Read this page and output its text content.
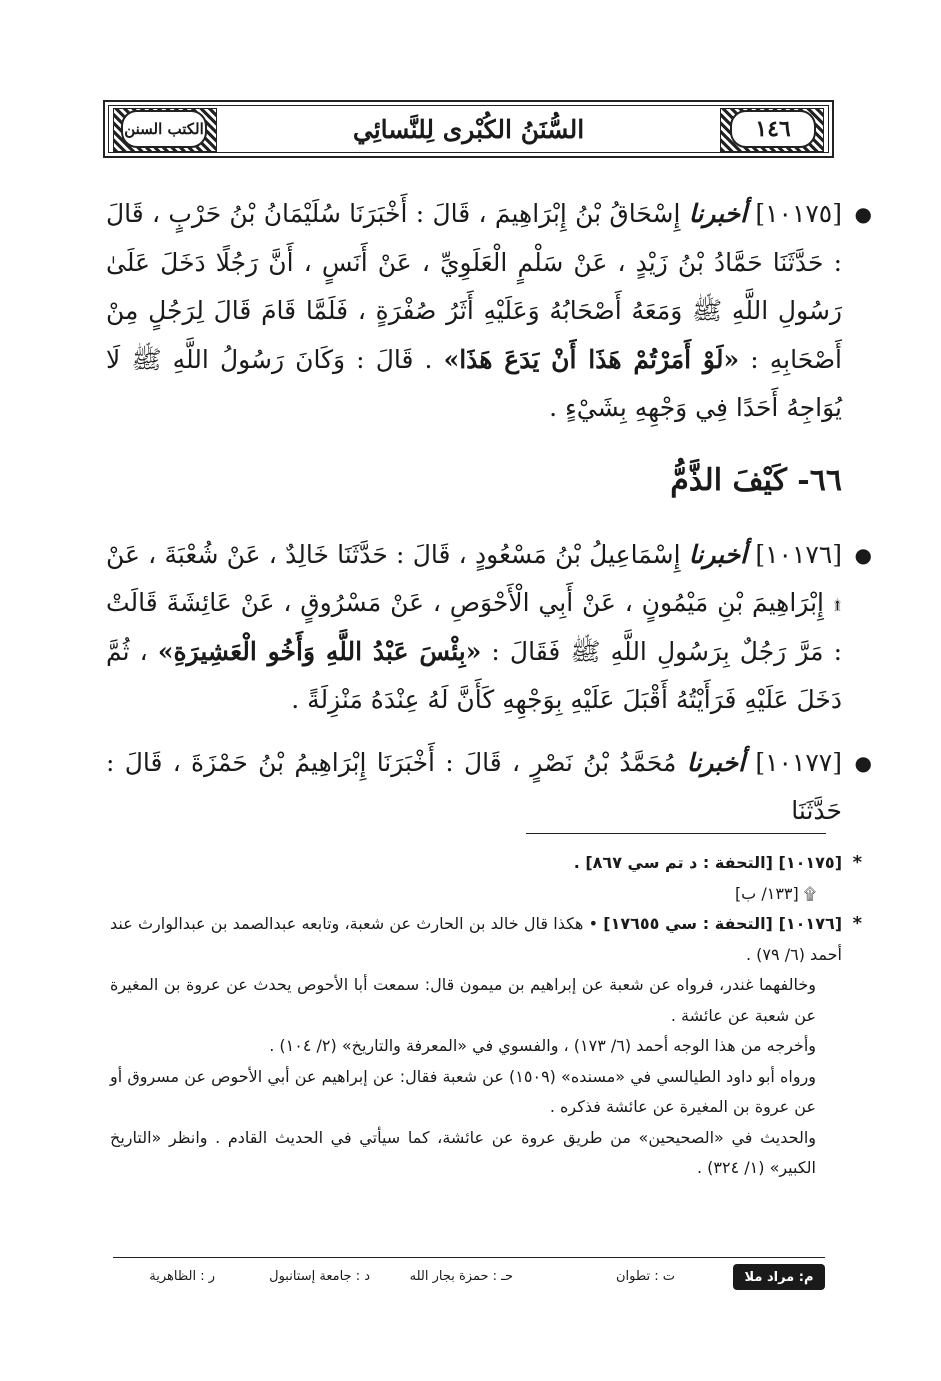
الكتب السنن	١٤٦
السُّنَنُ الكُبْرى لِلنَّسائِي

●
[١٠١٧٥] أخبرنا إِسْحَاقُ بْنُ إِبْرَاهِيمَ ، قَالَ : أَخْبَرَنَا سُلَيْمَانُ بْنُ حَرْبٍ ، قَالَ : حَدَّثَنَا حَمَّادُ بْنُ زَيْدٍ ، عَنْ سَلْمٍ الْعَلَوِيِّ ، عَنْ أَنَسٍ ، أَنَّ رَجُلًا دَخَلَ عَلَىٰ رَسُولِ اللَّهِ ﷺ وَمَعَهُ أَصْحَابُهُ وَعَلَيْهِ أَثَرُ صُفْرَةٍ ، فَلَمَّا قَامَ قَالَ لِرَجُلٍ مِنْ أَصْحَابِهِ : «لَوْ أَمَرْتُمْ هَذَا أَنْ يَدَعَ هَذَا» . قَالَ : وَكَانَ رَسُولُ اللَّهِ ﷺ لَا يُوَاجِهُ أَحَدًا فِي وَجْهِهِ بِشَيْءٍ .

٦٦- كَيْفَ الذَّمُّ

●
[١٠١٧٦] أخبرنا إِسْمَاعِيلُ بْنُ مَسْعُودٍ ، قَالَ : حَدَّثَنَا خَالِدٌ ، عَنْ شُعْبَةَ ، عَنْ ۩ إِبْرَاهِيمَ بْنِ مَيْمُونٍ ، عَنْ أَبِي الْأَحْوَصِ ، عَنْ مَسْرُوقٍ ، عَنْ عَائِشَةَ قَالَتْ : مَرَّ رَجُلٌ بِرَسُولِ اللَّهِ ﷺ فَقَالَ : «بِئْسَ عَبْدُ اللَّهِ وَأَخُو الْعَشِيرَةِ» ، ثُمَّ دَخَلَ عَلَيْهِ فَرَأَيْتُهُ أَقْبَلَ عَلَيْهِ بِوَجْهِهِ كَأَنَّ لَهُ عِنْدَهُ مَنْزِلَةً .

●
[١٠١٧٧] أخبرنا مُحَمَّدُ بْنُ نَصْرٍ ، قَالَ : أَخْبَرَنَا إِبْرَاهِيمُ بْنُ حَمْزَةَ ، قَالَ : حَدَّثَنَا

*
[١٠١٧٥] [التحفة : د تم سي ٨٦٧] .

۩ [١٣٣/ ب]

*
[١٠١٧٦] [التحفة : سي ١٧٦٥٥] • هكذا قال خالد بن الحارث عن شعبة، وتابعه عبدالصمد بن عبدالوارث عند أحمد (٦/ ٧٩) .

وخالفهما غندر، فرواه عن شعبة عن إبراهيم بن ميمون قال: سمعت أبا الأحوص يحدث عن عروة بن المغيرة عن شعبة عن عائشة .

وأخرجه من هذا الوجه أحمد (٦/ ١٧٣) ، والفسوي في «المعرفة والتاريخ» (٢/ ١٠٤) .

ورواه أبو داود الطيالسي في «مسنده» (١٥٠٩) عن شعبة فقال: عن إبراهيم عن أبي الأحوص عن مسروق أو عن عروة بن المغيرة عن عائشة فذكره .

والحديث في «الصحيحين» من طريق عروة عن عائشة، كما سيأتي في الحديث القادم . وانظر «التاريخ الكبير» (١/ ٣٢٤) .

م: مراد ملا
ت : تطوان
حـ : حمزة بجار الله
د : جامعة إستانبول
ر : الظاهرية
